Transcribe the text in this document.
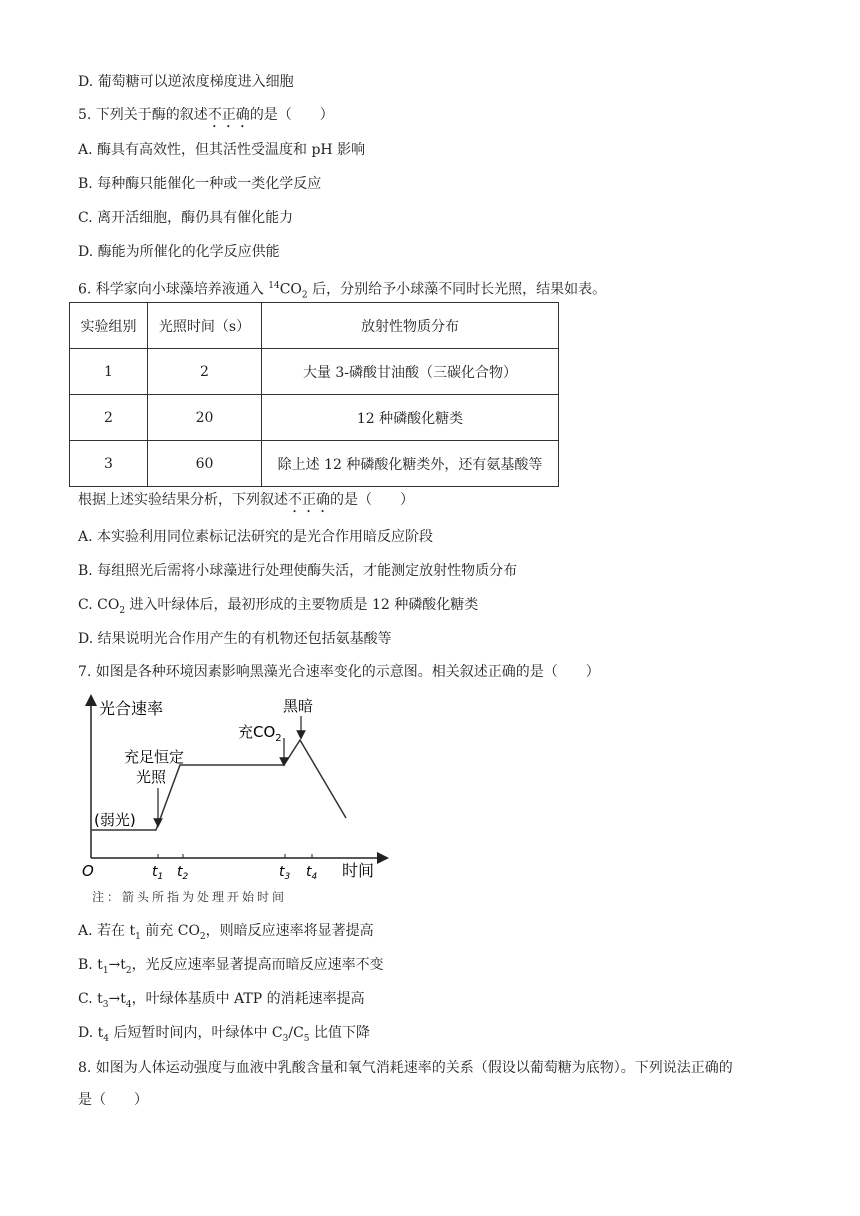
D. 葡萄糖可以逆浓度梯度进入细胞
5. 下列关于酶的叙述不正确的是（　　）
A. 酶具有高效性，但其活性受温度和 pH 影响
B. 每种酶只能催化一种或一类化学反应
C. 离开活细胞，酶仍具有催化能力
D. 酶能为所催化的化学反应供能
6. 科学家向小球藻培养液通入 $^{14}CO_2$ 后，分别给予小球藻不同时长光照，结果如表。
实验组别	光照时间（s）	放射性物质分布
1	2	大量 3-磷酸甘油酸（三碳化合物）
2	20	12 种磷酸化糖类
3	60	除上述 12 种磷酸化糖类外，还有氨基酸等
根据上述实验结果分析，下列叙述不正确的是（　　）
A. 本实验利用同位素标记法研究的是光合作用暗反应阶段
B. 每组照光后需将小球藻进行处理使酶失活，才能测定放射性物质分布
C. $CO_2$ 进入叶绿体后，最初形成的主要物质是 12 种磷酸化糖类
D. 结果说明光合作用产生的有机物还包括氨基酸等
7. 如图是各种环境因素影响黑藻光合速率变化的示意图。相关叙述正确的是（　　）
光合速率
时间
O
(弱光)
充足恒定
光照
充$CO_2$
黑暗
$t_1$ $t_2$	$t_3$ $t_4$
注：箭头所指为处理开始时间
A. 若在 $t_1$ 前充 $CO_2$，则暗反应速率将显著提高
B. $t_1\to t_2$，光反应速率显著提高而暗反应速率不变
C. $t_3\to t_4$，叶绿体基质中 ATP 的消耗速率提高
D. $t_4$ 后短暂时间内，叶绿体中 $C_3/C_5$ 比值下降
8. 如图为人体运动强度与血液中乳酸含量和氧气消耗速率的关系（假设以葡萄糖为底物）。下列说法正确的
是（　　）
